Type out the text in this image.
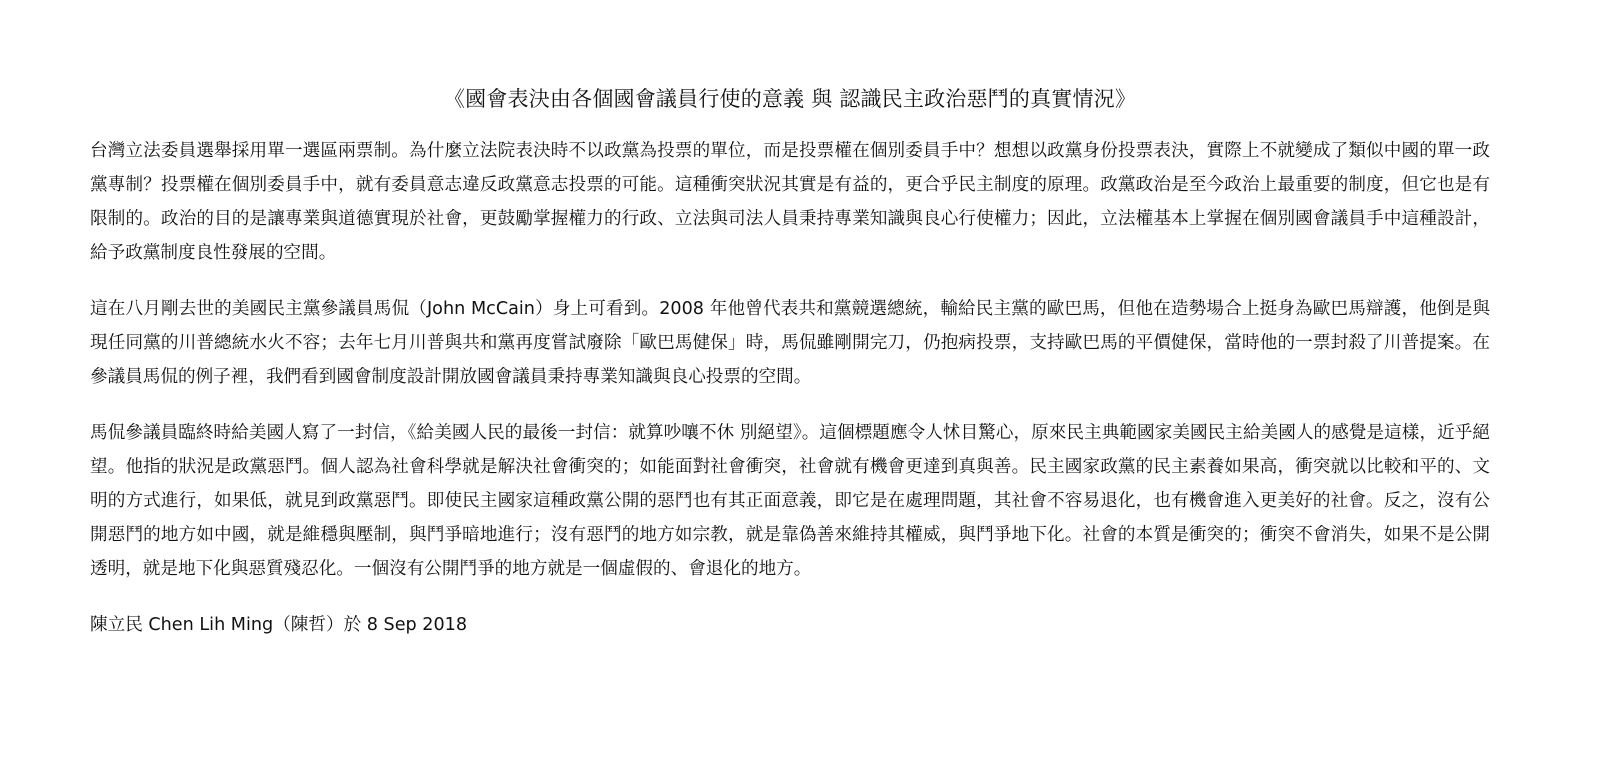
《國會表決由各個國會議員行使的意義 與 認識民主政治惡鬥的真實情況》

台灣立法委員選舉採用單一選區兩票制。為什麼立法院表決時不以政黨為投票的單位，而是投票權在個別委員手中？想想以政黨身份投票表決，實際上不就變成了類似中國的單一政黨專制？投票權在個別委員手中，就有委員意志違反政黨意志投票的可能。這種衝突狀況其實是有益的，更合乎民主制度的原理。政黨政治是至今政治上最重要的制度，但它也是有限制的。政治的目的是讓專業與道德實現於社會，更鼓勵掌握權力的行政、立法與司法人員秉持專業知識與良心行使權力；因此，立法權基本上掌握在個別國會議員手中這種設計，給予政黨制度良性發展的空間。

這在八月剛去世的美國民主黨參議員馬侃（John McCain）身上可看到。2008 年他曾代表共和黨競選總統，輸給民主黨的歐巴馬，但他在造勢場合上挺身為歐巴馬辯護，他倒是與現任同黨的川普總統水火不容；去年七月川普與共和黨再度嘗試廢除「歐巴馬健保」時，馬侃雖剛開完刀，仍抱病投票，支持歐巴馬的平價健保，當時他的一票封殺了川普提案。在參議員馬侃的例子裡，我們看到國會制度設計開放國會議員秉持專業知識與良心投票的空間。

馬侃參議員臨終時給美國人寫了一封信，《給美國人民的最後一封信：就算吵嚷不休 別絕望》。這個標題應令人怵目驚心，原來民主典範國家美國民主給美國人的感覺是這樣，近乎絕望。他指的狀況是政黨惡鬥。個人認為社會科學就是解決社會衝突的；如能面對社會衝突，社會就有機會更達到真與善。民主國家政黨的民主素養如果高，衝突就以比較和平的、文明的方式進行，如果低，就見到政黨惡鬥。即使民主國家這種政黨公開的惡鬥也有其正面意義，即它是在處理問題，其社會不容易退化，也有機會進入更美好的社會。反之，沒有公開惡鬥的地方如中國，就是維穩與壓制，與鬥爭暗地進行；沒有惡鬥的地方如宗教，就是靠偽善來維持其權威，與鬥爭地下化。社會的本質是衝突的；衝突不會消失，如果不是公開透明，就是地下化與惡質殘忍化。一個沒有公開鬥爭的地方就是一個虛假的、會退化的地方。

陳立民 Chen Lih Ming（陳哲）於 8 Sep 2018
